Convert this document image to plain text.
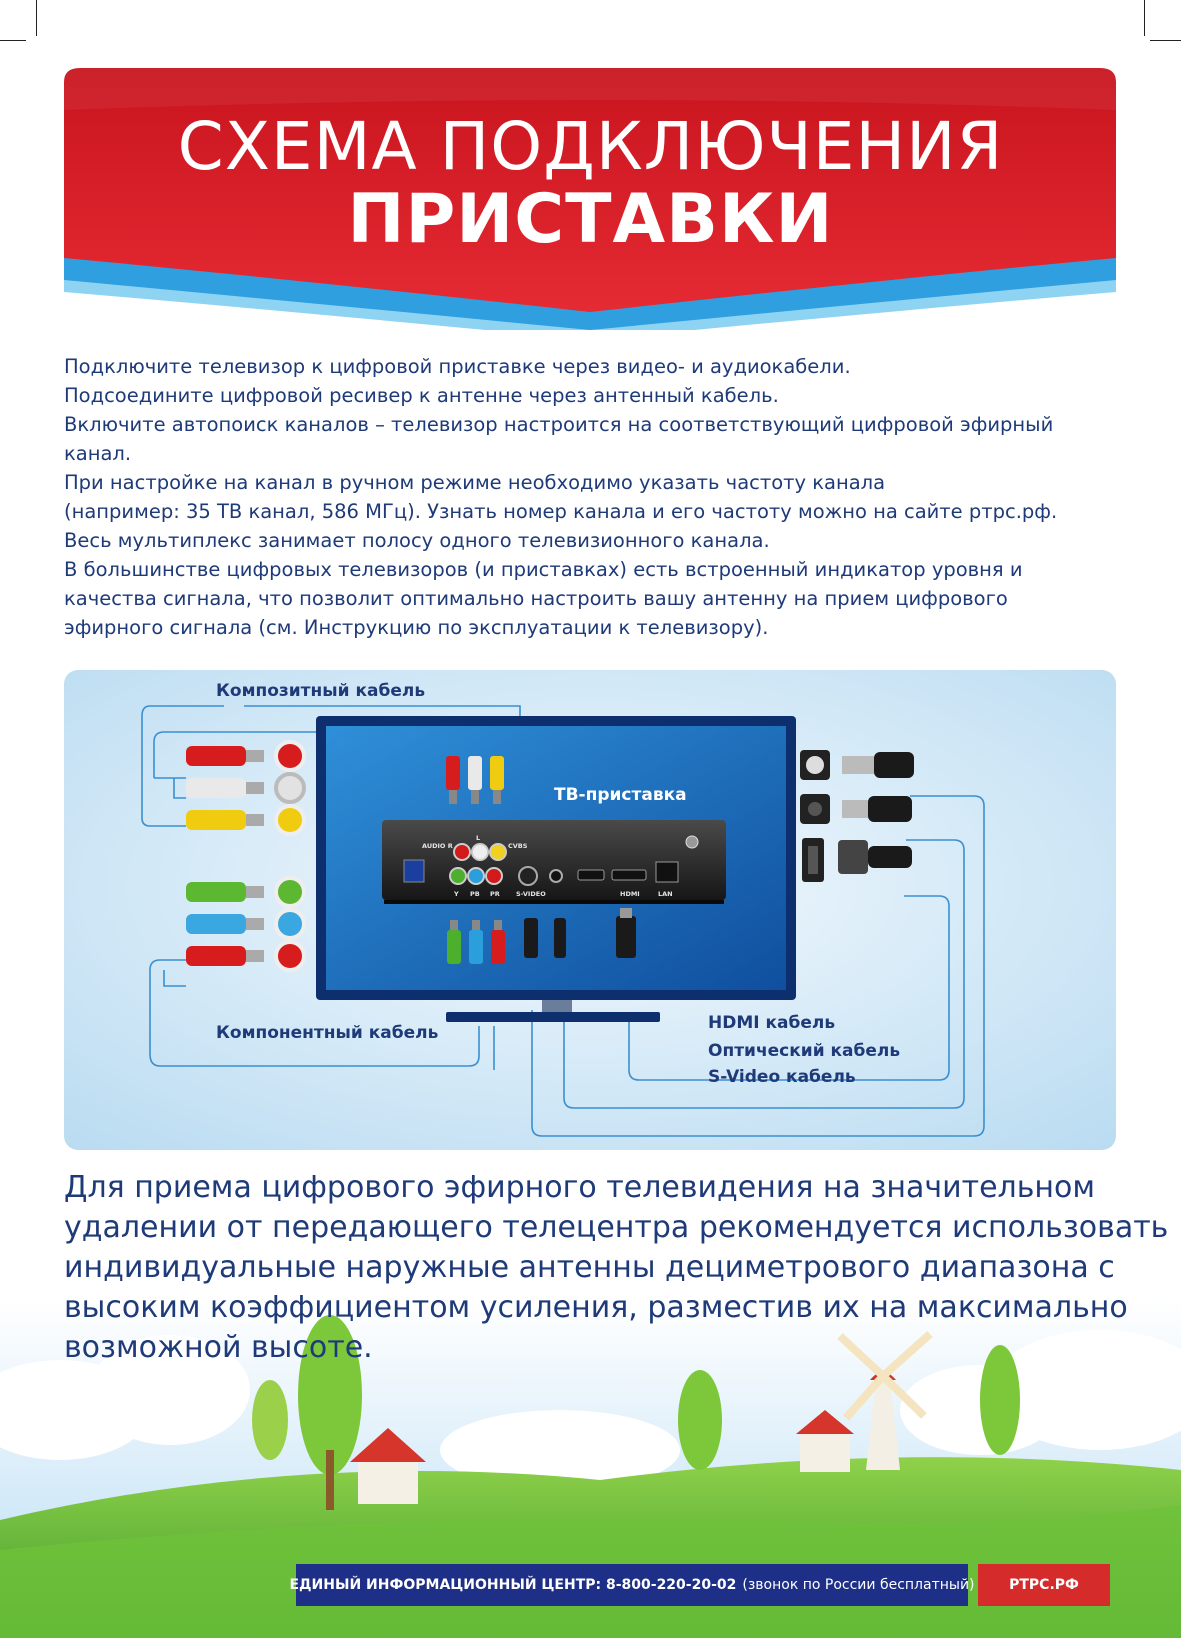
СХЕМА ПОДКЛЮЧЕНИЯ
ПРИСТАВКИ
Подключите телевизор к цифровой приставке через видео- и аудиокабели.
Подсоедините цифровой ресивер к антенне через антенный кабель.
Включите автопоиск каналов – телевизор настроится на соответствующий цифровой эфирный
канал.
При настройке на канал в ручном режиме необходимо указать частоту канала
(например: 35 ТВ канал, 586 МГц). Узнать номер канала и его частоту можно на сайте ртрс.рф.
Весь мультиплекс занимает полосу одного телевизионного канала.
В большинстве цифровых телевизоров (и приставках) есть встроенный индикатор уровня и
качества сигнала, что позволит оптимально настроить вашу антенну на прием цифрового
эфирного сигнала (см. Инструкцию по эксплуатации к телевизору).
AUDIO R
L
CVBS
Y PB PR S-VIDEO	HDMI	LAN
ТВ-приставка
Композитный кабель
Компонентный кабель	HDMI кабель
Оптический кабель
S-Video кабель
Для приема цифрового эфирного телевидения на значительном
удалении от передающего телецентра рекомендуется использовать
индивидуальные наружные антенны дециметрового диапазона с
высоким коэффициентом усиления, разместив их на максимально
возможной высоте.
ЕДИНЫЙ ИНФОРМАЦИОННЫЙ ЦЕНТР: 8-800-220-20-02 (звонок по России бесплатный)	РТРС.РФ
